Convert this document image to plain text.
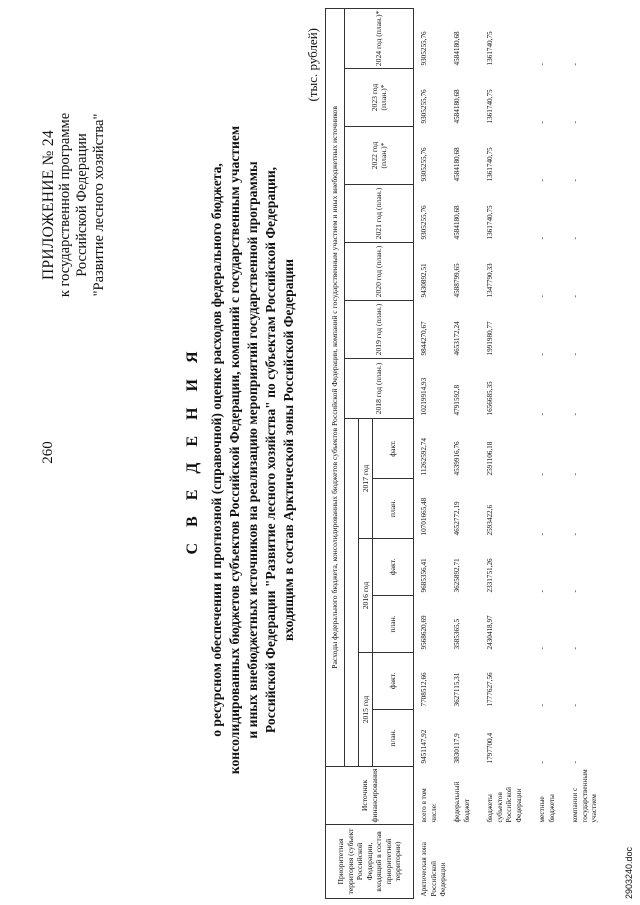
260
ПРИЛОЖЕНИЕ № 24 к государственной программе Российской Федерации "Развитие лесного хозяйства"
С В Е Д Е Н И Я о ресурсном обеспечении и прогнозной (справочной) оценке расходов федерального бюджета, консолидированных бюджетов субъектов Российской Федерации, компаний с государственным участием и иных внебюджетных источников на реализацию мероприятий государственной программы Российской Федерации "Развитие лесного хозяйства" по субъектам Российской Федерации, входящим в состав Арктической зоны Российской Федерации
(тыс. рублей)
Приоритетная территория (субъект Российской Федерации, входящий в состав приоритетной территории)	Источник финансирования	Расходы федерального бюджета, консолидированных бюджетов субъектов Российской Федерации, компаний с государственным участием и иных внебюджетных источников												
								2018 год (план.)	2019 год (план.)	2020 год (план.)	2021 год (план.)	2022 год (план.)*	2023 год (план.)*	2024 год (план.)*
		2015 год		2016 год		2017 год								
		план.	факт.	план.	факт.	план.	факт.							
Арктическая зона Российской Федерации	всего в том числе:	9451147,92	7708512,66	9568620,69	9685356,41	10701665,48	11262592,74	10219914,93	9844270,67	9430892,51	9305255,76	9305255,76	9305255,76	9305255,76
	федеральный бюджет	3830117,9	3627115,31	3585365,5	3625892,71	4652772,19	4539916,76	4791592,8	4653172,24	4588799,65	4584180,68	4584180,68	4584180,68	4584180,68
	бюджеты субъектов Российской Федерации	1797700,4	1777627,56	2430418,97	2331751,26	2593422,6	2591106,18	1656685,35	1991980,77	1347790,33	1361740,75	1361740,75	1361740,75	1361740,75
	местные бюджеты	-	-	-	-	-	-	-	-	-	-	-	-	-
	компании с государственным участием	-	-	-	-	-	-	-	-	-	-	-	-	-
2903240.doc
